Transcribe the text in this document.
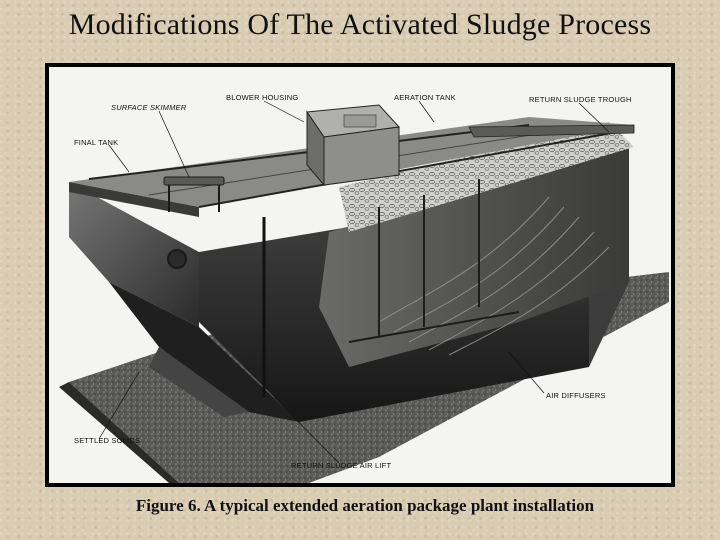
Modifications Of The Activated Sludge Process
BLOWER HOUSING	AERATION TANK	RETURN SLUDGE TROUGH
SURFACE SKIMMER
FINAL TANK
AIR DIFFUSERS
SETTLED SOLIDS
RETURN SLUDGE AIR LIFT
Figure 6. A typical extended aeration package plant installation
